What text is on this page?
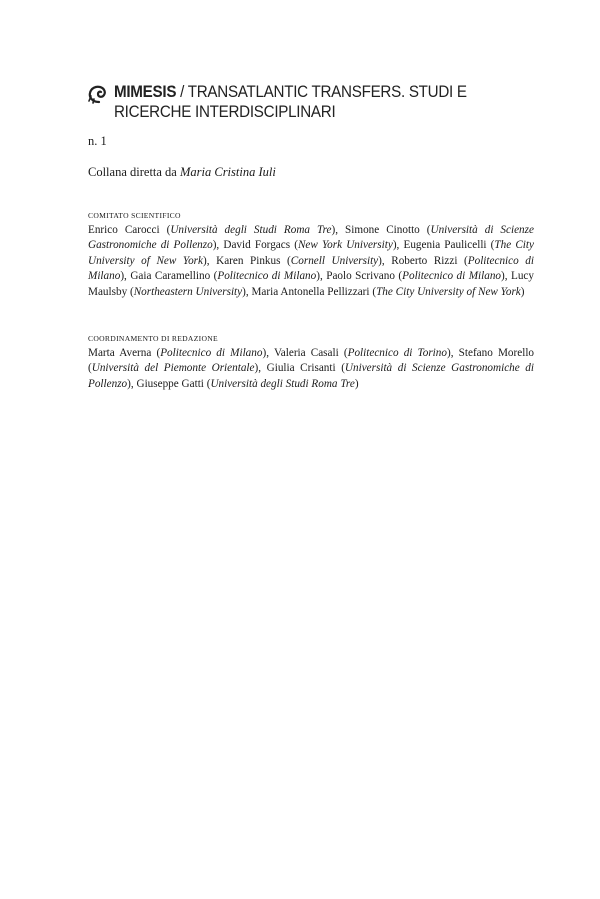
MIMESIS / TRANSATLANTIC TRANSFERS. STUDI E RICERCHE INTERDISCIPLINARI
n. 1
Collana diretta da Maria Cristina Iuli
COMITATO SCIENTIFICO

Enrico Carocci (Università degli Studi Roma Tre), Simone Cinotto (Università di Scienze Gastronomiche di Pollenzo), David Forgacs (New York University), Eugenia Paulicelli (The City University of New York), Karen Pinkus (Cornell University), Roberto Rizzi (Politecnico di Milano), Gaia Caramellino (Politecnico di Milano), Paolo Scrivano (Politecnico di Milano), Lucy Maulsby (Northeastern University), Maria Antonella Pellizzari (The City University of New York)

COORDINAMENTO DI REDAZIONE

Marta Averna (Politecnico di Milano), Valeria Casali (Politecnico di Torino), Stefano Morello (Università del Piemonte Orientale), Giulia Crisanti (Università di Scienze Gastronomiche di Pollenzo), Giuseppe Gatti (Università degli Studi Roma Tre)
